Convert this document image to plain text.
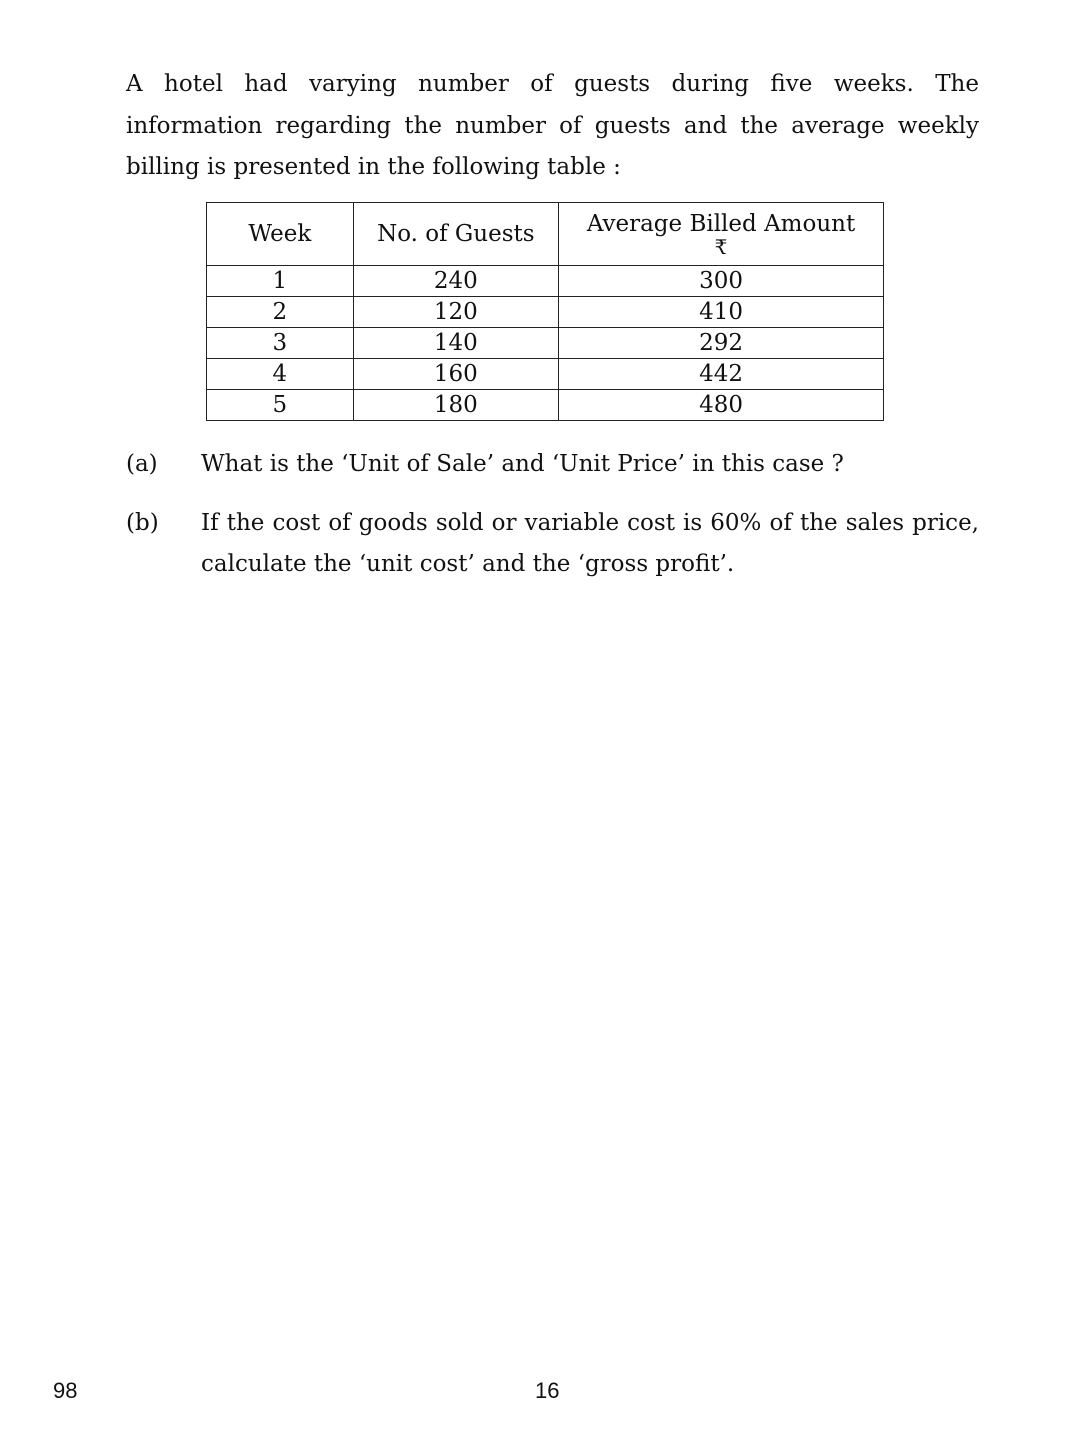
A hotel had varying number of guests during five weeks. The information regarding the number of guests and the average weekly billing is presented in the following table :

Week	No. of Guests	Average Billed Amount
₹

1	240	300
2	120	410
3	140	292
4	160	442
5	180	480
(a) What is the ‘Unit of Sale’ and ‘Unit Price’ in this case ?
(b) If the cost of goods sold or variable cost is 60% of the sales price, calculate the ‘unit cost’ and the ‘gross profit’.
98	16
